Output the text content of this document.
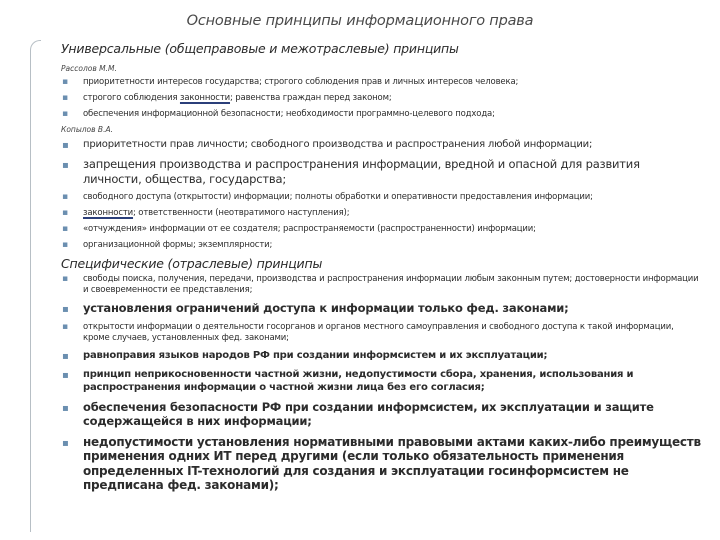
Основные принципы информационного права
Универсальные (общеправовые и межотраслевые) принципы
Рассолов М.М.
▪ приоритетности интересов государства; строгого соблюдения прав и личных интересов человека;
▪ строгого соблюдения законности; равенства граждан перед законом;
▪ обеспечения информационной безопасности; необходимости программно-целевого подхода;
Копылов В.А.
▪ приоритетности прав личности; свободного производства и распространения любой информации;
▪ запрещения производства и распространения информации, вредной и опасной для развития личности, общества, государства;
▪ свободного доступа (открытости) информации; полноты обработки и оперативности предоставления информации;
▪ законности; ответственности (неотвратимого наступления);
▪ «отчуждения» информации от ее создателя; распространяемости (распространенности) информации;
▪ организационной формы; экземплярности;
Специфические (отраслевые) принципы
▪ свободы поиска, получения, передачи, производства и распространения информации любым законным путем; достоверности информации и своевременности ее представления;
▪ установления ограничений доступа к информации только фед. законами;
▪ открытости информации о деятельности госорганов и органов местного самоуправления и свободного доступа к такой информации, кроме случаев, установленных фед. законами;
▪ равноправия языков народов РФ при создании информсистем и их эксплуатации;
▪ принцип неприкосновенности частной жизни, недопустимости сбора, хранения, использования и распространения информации о частной жизни лица без его согласия;
▪ обеспечения безопасности РФ при создании информсистем, их эксплуатации и защите содержащейся в них информации;
▪ недопустимости установления нормативными правовыми актами каких-либо преимуществ применения одних ИТ перед другими (если только обязательность применения определенных IT-технологий для создания и эксплуатации гоcинформсистем не предписана фед. законами);
